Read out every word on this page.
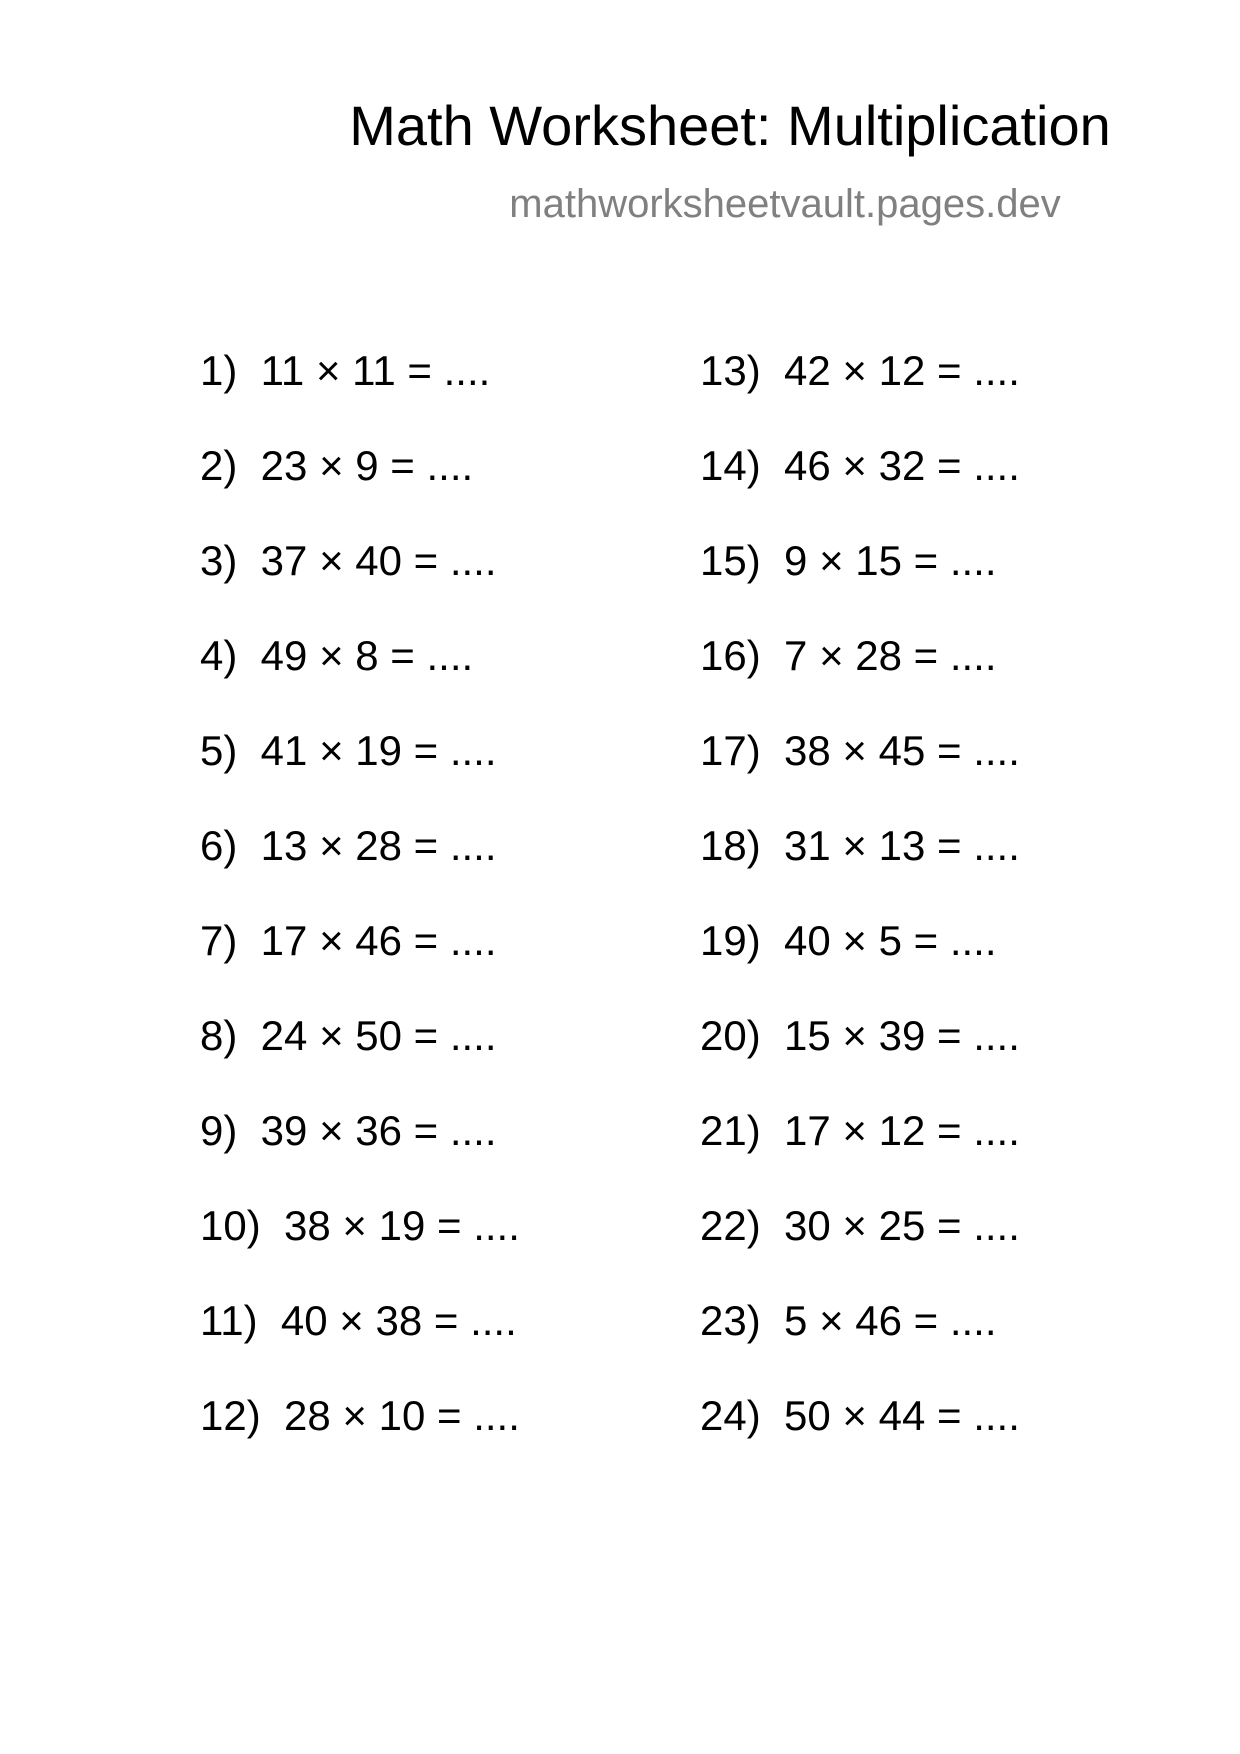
Math Worksheet: Multiplication
mathworksheetvault.pages.dev
1)  11 × 11 = ....
2)  23 × 9 = ....
3)  37 × 40 = ....
4)  49 × 8 = ....
5)  41 × 19 = ....
6)  13 × 28 = ....
7)  17 × 46 = ....
8)  24 × 50 = ....
9)  39 × 36 = ....
10)  38 × 19 = ....
11)  40 × 38 = ....
12)  28 × 10 = ....
13)  42 × 12 = ....
14)  46 × 32 = ....
15)  9 × 15 = ....
16)  7 × 28 = ....
17)  38 × 45 = ....
18)  31 × 13 = ....
19)  40 × 5 = ....
20)  15 × 39 = ....
21)  17 × 12 = ....
22)  30 × 25 = ....
23)  5 × 46 = ....
24)  50 × 44 = ....
